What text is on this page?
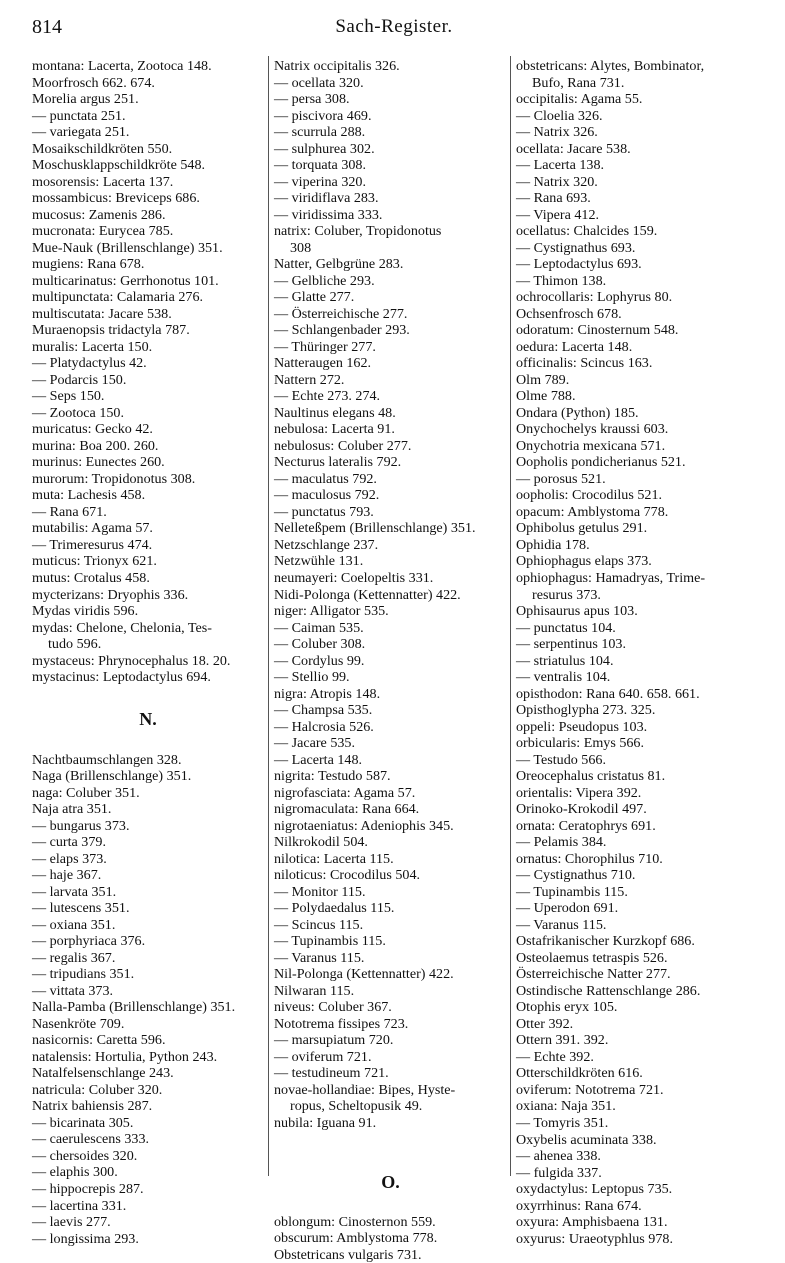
814	Sach-Register.
montana: Lacerta, Zootoca 148.
Moorfrosch 662. 674.
Morelia argus 251.
— punctata 251.
— variegata 251.
Mosaikschildkröten 550.
Moschusklappschildkröte 548.
mosorensis: Lacerta 137.
mossambicus: Breviceps 686.
mucosus: Zamenis 286.
mucronata: Eurycea 785.
Mue-Nauk (Brillenschlange) 351.
mugiens: Rana 678.
multicarinatus: Gerrhonotus 101.
multipunctata: Calamaria 276.
multiscutata: Jacare 538.
Muraenopsis tridactyla 787.
muralis: Lacerta 150.
— Platydactylus 42.
— Podarcis 150.
— Seps 150.
— Zootoca 150.
muricatus: Gecko 42.
murina: Boa 200. 260.
murinus: Eunectes 260.
murorum: Tropidonotus 308.
muta: Lachesis 458.
— Rana 671.
mutabilis: Agama 57.
— Trimeresurus 474.
muticus: Trionyx 621.
mutus: Crotalus 458.
mycterizans: Dryophis 336.
Mydas viridis 596.
mydas: Chelone, Chelonia, Tes-
tudo 596.
mystaceus: Phrynocephalus 18. 20.
mystacinus: Leptodactylus 694.
N.
Nachtbaumschlangen 328.
Naga (Brillenschlange) 351.
naga: Coluber 351.
Naja atra 351.
— bungarus 373.
— curta 379.
— elaps 373.
— haje 367.
— larvata 351.
— lutescens 351.
— oxiana 351.
— porphyriaca 376.
— regalis 367.
— tripudians 351.
— vittata 373.
Nalla-Pamba (Brillenschlange) 351.
Nasenkröte 709.
nasicornis: Caretta 596.
natalensis: Hortulia, Python 243.
Natalfelsenschlange 243.
natricula: Coluber 320.
Natrix bahiensis 287.
— bicarinata 305.
— caerulescens 333.
— chersoides 320.
— elaphis 300.
— hippocrepis 287.
— lacertina 331.
— laevis 277.
— longissima 293.
Natrix occipitalis 326.
— ocellata 320.
— persa 308.
— piscivora 469.
— scurrula 288.
— sulphurea 302.
— torquata 308.
— viperina 320.
— viridiflava 283.
— viridissima 333.
natrix: Coluber, Tropidonotus
308
Natter, Gelbgrüne 283.
— Gelbliche 293.
— Glatte 277.
— Österreichische 277.
— Schlangenbader 293.
— Thüringer 277.
Natteraugen 162.
Nattern 272.
— Echte 273. 274.
Naultinus elegans 48.
nebulosa: Lacerta 91.
nebulosus: Coluber 277.
Necturus lateralis 792.
— maculatus 792.
— maculosus 792.
— punctatus 793.
Nelleteßpem (Brillenschlange) 351.
Netzschlange 237.
Netzwühle 131.
neumayeri: Coelopeltis 331.
Nidi-Polonga (Kettennatter) 422.
niger: Alligator 535.
— Caiman 535.
— Coluber 308.
— Cordylus 99.
— Stellio 99.
nigra: Atropis 148.
— Champsa 535.
— Halcrosia 526.
— Jacare 535.
— Lacerta 148.
nigrita: Testudo 587.
nigrofasciata: Agama 57.
nigromaculata: Rana 664.
nigrotaeniatus: Adeniophis 345.
Nilkrokodil 504.
nilotica: Lacerta 115.
niloticus: Crocodilus 504.
— Monitor 115.
— Polydaedalus 115.
— Scincus 115.
— Tupinambis 115.
— Varanus 115.
Nil-Polonga (Kettennatter) 422.
Nilwaran 115.
niveus: Coluber 367.
Nototrema fissipes 723.
— marsupiatum 720.
— oviferum 721.
— testudineum 721.
novae-hollandiae: Bipes, Hyste-
ropus, Scheltopusik 49.
nubila: Iguana 91.
O.
oblongum: Cinosternon 559.
obscurum: Amblystoma 778.
Obstetricans vulgaris 731.
obstetricans: Alytes, Bombinator,
Bufo, Rana 731.
occipitalis: Agama 55.
— Cloelia 326.
— Natrix 326.
ocellata: Jacare 538.
— Lacerta 138.
— Natrix 320.
— Rana 693.
— Vipera 412.
ocellatus: Chalcides 159.
— Cystignathus 693.
— Leptodactylus 693.
— Thimon 138.
ochrocollaris: Lophyrus 80.
Ochsenfrosch 678.
odoratum: Cinosternum 548.
oedura: Lacerta 148.
officinalis: Scincus 163.
Olm 789.
Olme 788.
Ondara (Python) 185.
Onychochelys kraussi 603.
Onychotria mexicana 571.
Oopholis pondicherianus 521.
— porosus 521.
oopholis: Crocodilus 521.
opacum: Amblystoma 778.
Ophibolus getulus 291.
Ophidia 178.
Ophiophagus elaps 373.
ophiophagus: Hamadryas, Trime-
resurus 373.
Ophisaurus apus 103.
— punctatus 104.
— serpentinus 103.
— striatulus 104.
— ventralis 104.
opisthodon: Rana 640. 658. 661.
Opisthoglypha 273. 325.
oppeli: Pseudopus 103.
orbicularis: Emys 566.
— Testudo 566.
Oreocephalus cristatus 81.
orientalis: Vipera 392.
Orinoko-Krokodil 497.
ornata: Ceratophrys 691.
— Pelamis 384.
ornatus: Chorophilus 710.
— Cystignathus 710.
— Tupinambis 115.
— Uperodon 691.
— Varanus 115.
Ostafrikanischer Kurzkopf 686.
Osteolaemus tetraspis 526.
Österreichische Natter 277.
Ostindische Rattenschlange 286.
Otophis eryx 105.
Otter 392.
Ottern 391. 392.
— Echte 392.
Otterschildkröten 616.
oviferum: Nototrema 721.
oxiana: Naja 351.
— Tomyris 351.
Oxybelis acuminata 338.
— ahenea 338.
— fulgida 337.
oxydactylus: Leptopus 735.
oxyrrhinus: Rana 674.
oxyura: Amphisbaena 131.
oxyurus: Uraeotyphlus 978.
